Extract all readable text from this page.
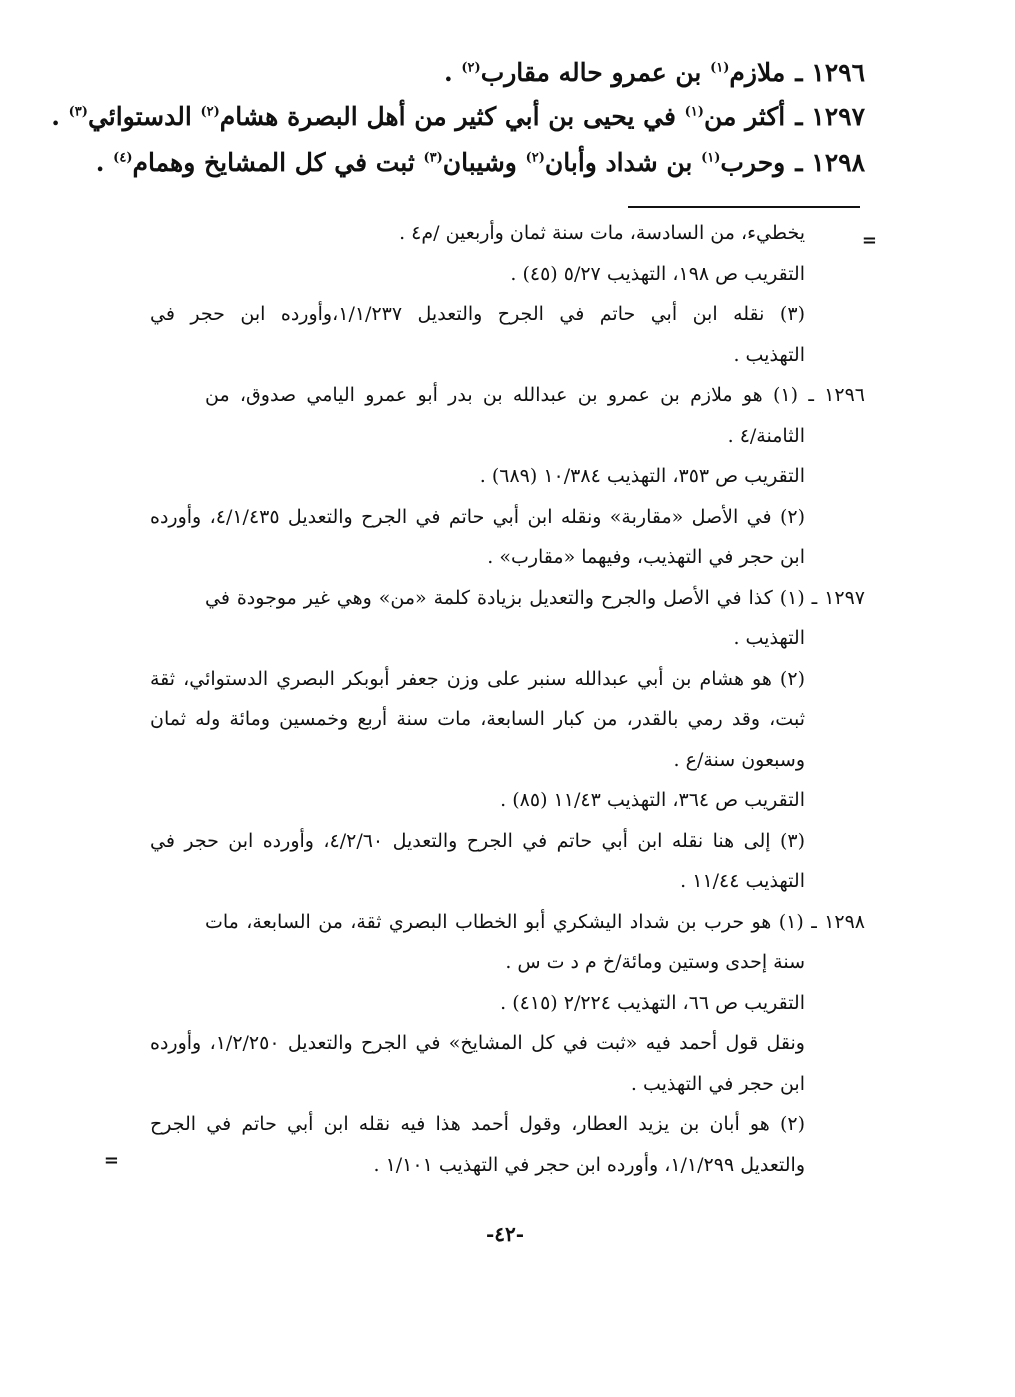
١٢٩٦ ـملازم$^{(١)}$ بن عمرو حاله مقارب$^{(٢)}$ .
١٢٩٧ ـأكثر من$^{(١)}$ في يحيى بن أبي كثير من أهل البصرة هشام$^{(٢)}$ الدستوائي$^{(٣)}$ .
١٢٩٨ ـوحرب$^{(١)}$ بن شداد وأبان$^{(٢)}$ وشيبان$^{(٣)}$ ثبت في كل المشايخ وهمام$^{(٤)}$ .
=
يخطيء، من السادسة، مات سنة ثمان وأربعين /م٤ .
التقريب ص ١٩٨، التهذيب ٥/٢٧ (٤٥) .
(٣) نقله ابن أبي حاتم في الجرح والتعديل ١/١/٢٣٧،وأورده ابن حجر في
التهذيب .
١٢٩٦ ـ (١) هو ملازم بن عمرو بن عبدالله بن بدر أبو عمرو اليامي صدوق، من
الثامنة/٤ .
التقريب ص ٣٥٣، التهذيب ١٠/٣٨٤ (٦٨٩) .
(٢) في الأصل «مقاربة» ونقله ابن أبي حاتم في الجرح والتعديل ٤/١/٤٣٥، وأورده
ابن حجر في التهذيب، وفيهما «مقارب» .
١٢٩٧ ـ (١) كذا في الأصل والجرح والتعديل بزيادة كلمة «من» وهي غير موجودة في
التهذيب .
(٢) هو هشام بن أبي عبدالله سنبر على وزن جعفر أبوبكر البصري الدستوائي، ثقة
ثبت، وقد رمي بالقدر، من كبار السابعة، مات سنة أربع وخمسين ومائة وله ثمان
وسبعون سنة/ع .
التقريب ص ٣٦٤، التهذيب ١١/٤٣ (٨٥) .
(٣) إلى هنا نقله ابن أبي حاتم في الجرح والتعديل ٤/٢/٦٠، وأورده ابن حجر في
التهذيب ١١/٤٤ .
١٢٩٨ ـ (١) هو حرب بن شداد اليشكري أبو الخطاب البصري ثقة، من السابعة، مات
سنة إحدى وستين ومائة/خ م د ت س .
التقريب ص ٦٦، التهذيب ٢/٢٢٤ (٤١٥) .
ونقل قول أحمد فيه «ثبت في كل المشايخ» في الجرح والتعديل ١/٢/٢٥٠، وأورده
ابن حجر في التهذيب .
(٢) هو أبان بن يزيد العطار، وقول أحمد هذا فيه نقله ابن أبي حاتم في الجرح
والتعديل ١/١/٢٩٩، وأورده ابن حجر في التهذيب ١/١٠١ .
=
-٤٢-
